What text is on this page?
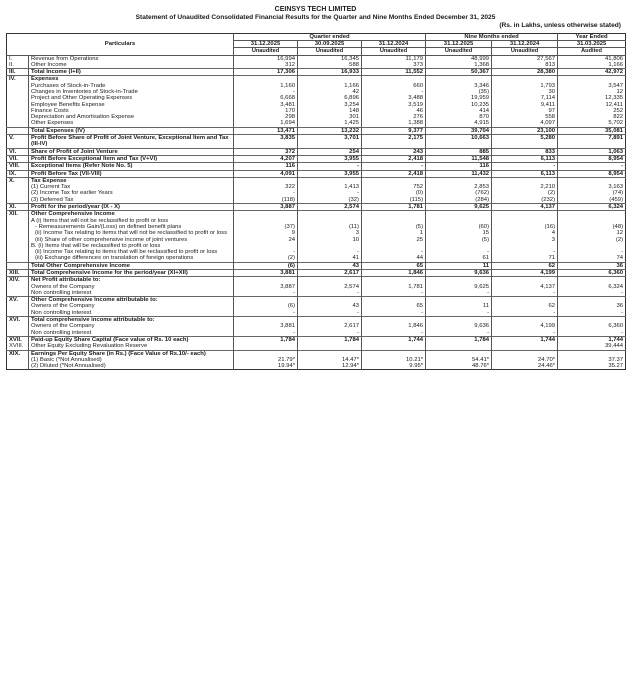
CEINSYS TECH LIMITED
Statement of Unaudited Consolidated Financial Results for the Quarter and Nine Months Ended December 31, 2025
(Rs. in Lakhs, unless otherwise stated)
Particulars		Quarter ended			Nine Months ended		Year Ended
		31.12.2025	30.09.2025	31.12.2024	31.12.2025	31.12.2024	31.03.2025
		Unaudited	Unaudited	Unaudited	Unaudited	Unaudited	Audited
I.	Revenue from Operations	16,994	16,345	11,179	48,999	27,567	41,806
II.	Other Income	312	588	373	1,368	813	1,166
III.	Total Income (I+II)	17,306	16,933	11,552	50,367	28,380	42,972
IV.	Expenses						
	Purchases of Stock-in-Trade	1,160	1,166	660	3,346	1,793	3,547
	Changes in Inventories of Stock-in-Trade	-	42	-	(35)	30	12
	Project and Other Operating Expenses	6,668	6,896	3,488	19,959	7,114	12,335
	Employee Benefits Expense	3,481	3,254	3,519	10,235	9,411	12,411
	Finance Costs	170	148	46	414	97	252
	Depreciation and Amortisation Expense	298	301	276	870	558	822
	Other Expenses	1,694	1,425	1,388	4,915	4,097	5,702
	Total Expenses (IV)	13,471	13,232	9,377	39,704	23,100	35,081
V.	Profit Before Share of Profit of Joint Venture, Exceptional Item and Tax (III-IV)	3,835	3,701	2,175	10,663	5,280	7,891
VI.	Share of Profit of Joint Venture	372	254	243	885	833	1,063
VII.	Profit Before Exceptional Item and Tax (V+VI)	4,207	3,955	2,418	11,548	6,113	8,954
VIII.	Exceptional Items (Refer Note No. 5)	116	-	-	116	-	-
IX.	Profit Before Tax (VII-VIII)	4,091	3,955	2,418	11,432	6,113	8,954
X.	Tax Expense						
	(1) Current Tax	322	1,413	752	2,853	2,210	3,163
	(2) Income Tax for earlier Years	-	-	(0)	(762)	(2)	(74)
	(3) Deferred Tax	(118)	(32)	(115)	(284)	(232)	(459)
XI.	Profit for the period/year (IX - X)	3,887	2,574	1,781	9,625	4,137	6,324
XII.	Other Comprehensive Income						
	A (i) Items that will not be reclassified to profit or loss						
	- Remeasurements Gain/(Loss) on defined benefit plans	(37)	(11)	(5)	(60)	(16)	(48)
	(ii) Income Tax relating to items that will not be reclassified to profit or loss	9	3	1	15	4	12
	(iii) Share of other comprehensive income of joint ventures	24	10	25	(5)	3	(2)
	B. (i) Items that will be reclassified to profit or loss						
	(ii) Income Tax relating to items that will be reclassified to profit or loss	-	-	-	-	-	-
	(iii) Exchange differences on translation of foreign operations	(2)	41	44	61	71	74
	Total Other Comprehensive Income	(6)	43	65	11	62	36
XIII.	Total Comprehensive Income for the period/year (XI+XII)	3,881	2,617	1,846	9,636	4,199	6,360
XIV.	Net Profit attributable to:						
	Owners of the Company	3,887	2,574	1,781	9,625	4,137	6,324
	Non controlling interest	-	-	-	-	-	-
XV.	Other Comprehensive Income attributable to:						
	Owners of the Company	(6)	43	65	11	62	36
	Non controlling interest	-	-	-	-	-	-
XVI.	Total comprehensive income attributable to:						
	Owners of the Company	3,881	2,617	1,846	9,636	4,199	6,360
	Non controlling interest	-	-	-	-	-	-
XVII.	Paid-up Equity Share Capital (Face value of Rs. 10 each)	1,784	1,784	1,744	1,784	1,744	1,744
XVIII.	Other Equity Excluding Revaluation Reserve						39,444
XIX.	Earnings Per Equity Share (in Rs.) (Face Value of Rs.10/- each)						
	(1) Basic (*Not Annualised)	21.79*	14.47*	10.21*	54.41*	24.70*	37.37
	(2) Diluted (*Not Annualised)	19.94*	12.94*	9.95*	48.76*	24.46*	35.27
